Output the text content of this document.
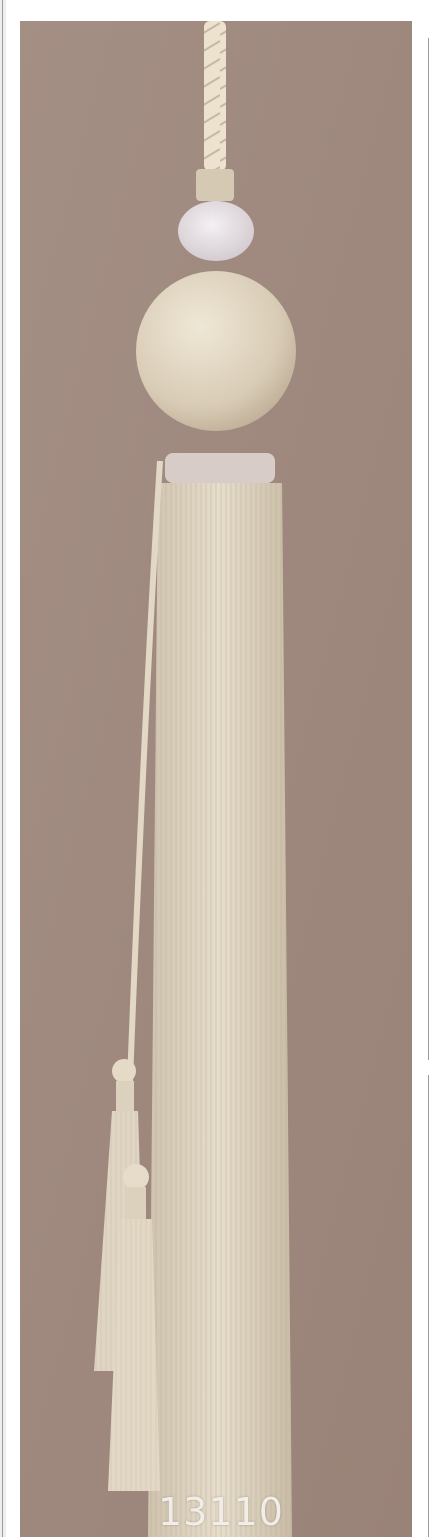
13110
